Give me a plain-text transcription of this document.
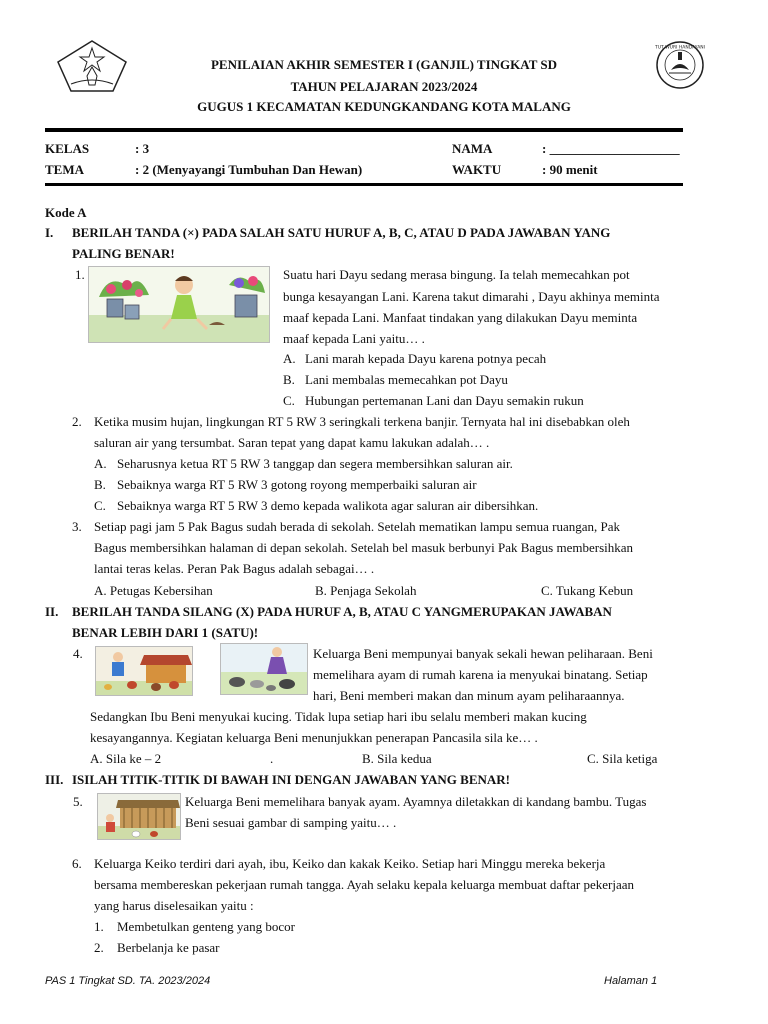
TUT WURI HANDAYANI
PENILAIAN AKHIR SEMESTER I (GANJIL) TINGKAT SD
TAHUN PELAJARAN 2023/2024
GUGUS 1 KECAMATAN KEDUNGKANDANG KOTA MALANG
KELAS	: 3	NAMA	: ____________________
TEMA	: 2 (Menyayangi Tumbuhan Dan Hewan)	WAKTU	: 90 menit
Kode A
I. BERILAH TANDA (×) PADA SALAH SATU HURUF A, B, C, ATAU D PADA JAWABAN YANG
PALING BENAR!
1.	Suatu hari Dayu sedang merasa bingung. Ia telah memecahkan pot
bunga kesayangan Lani. Karena takut dimarahi , Dayu akhinya meminta
maaf kepada Lani. Manfaat tindakan yang dilakukan Dayu meminta
maaf kepada Lani yaitu… .
A. Lani marah kepada Dayu karena potnya pecah
B. Lani membalas memecahkan pot Dayu
C. Hubungan pertemanan Lani dan Dayu semakin rukun
2. Ketika musim hujan, lingkungan RT 5 RW 3 seringkali terkena banjir. Ternyata hal ini disebabkan oleh
saluran air yang tersumbat. Saran tepat yang dapat kamu lakukan adalah… .
A. Seharusnya ketua RT 5 RW 3 tanggap dan segera membersihkan saluran air.
B. Sebaiknya warga RT 5 RW 3 gotong royong memperbaiki saluran air
C. Sebaiknya warga RT 5 RW 3 demo kepada walikota agar saluran air dibersihkan.
3. Setiap pagi jam 5 Pak Bagus sudah berada di sekolah. Setelah mematikan lampu semua ruangan, Pak
Bagus membersihkan halaman di depan sekolah. Setelah bel masuk berbunyi Pak Bagus membersihkan
lantai teras kelas. Peran Pak Bagus adalah sebagai… .
A. Petugas Kebersihan	B. Penjaga Sekolah	C. Tukang Kebun
II. BERILAH TANDA SILANG (X) PADA HURUF A, B, ATAU C YANGMERUPAKAN JAWABAN
BENAR LEBIH DARI 1 (SATU)!
4.	Keluarga Beni mempunyai banyak sekali hewan peliharaan. Beni
memelihara ayam di rumah karena ia menyukai binatang. Setiap
hari, Beni memberi makan dan minum ayam peliharaannya.
Sedangkan Ibu Beni menyukai kucing. Tidak lupa setiap hari ibu selalu memberi makan kucing
kesayangannya. Kegiatan keluarga Beni menunjukkan penerapan Pancasila sila ke… .
A. Sila ke – 2	.	B. Sila kedua	C. Sila ketiga
III. ISILAH TITIK-TITIK DI BAWAH INI DENGAN JAWABAN YANG BENAR!
5.	Keluarga Beni memelihara banyak ayam. Ayamnya diletakkan di kandang bambu. Tugas
Beni sesuai gambar di samping yaitu… .
6. Keluarga Keiko terdiri dari ayah, ibu, Keiko dan kakak Keiko. Setiap hari Minggu mereka bekerja
bersama membereskan pekerjaan rumah tangga. Ayah selaku kepala keluarga membuat daftar pekerjaan
yang harus diselesaikan yaitu :
1. Membetulkan genteng yang bocor
2. Berbelanja ke pasar
PAS 1 Tingkat SD. TA. 2023/2024	Halaman 1
